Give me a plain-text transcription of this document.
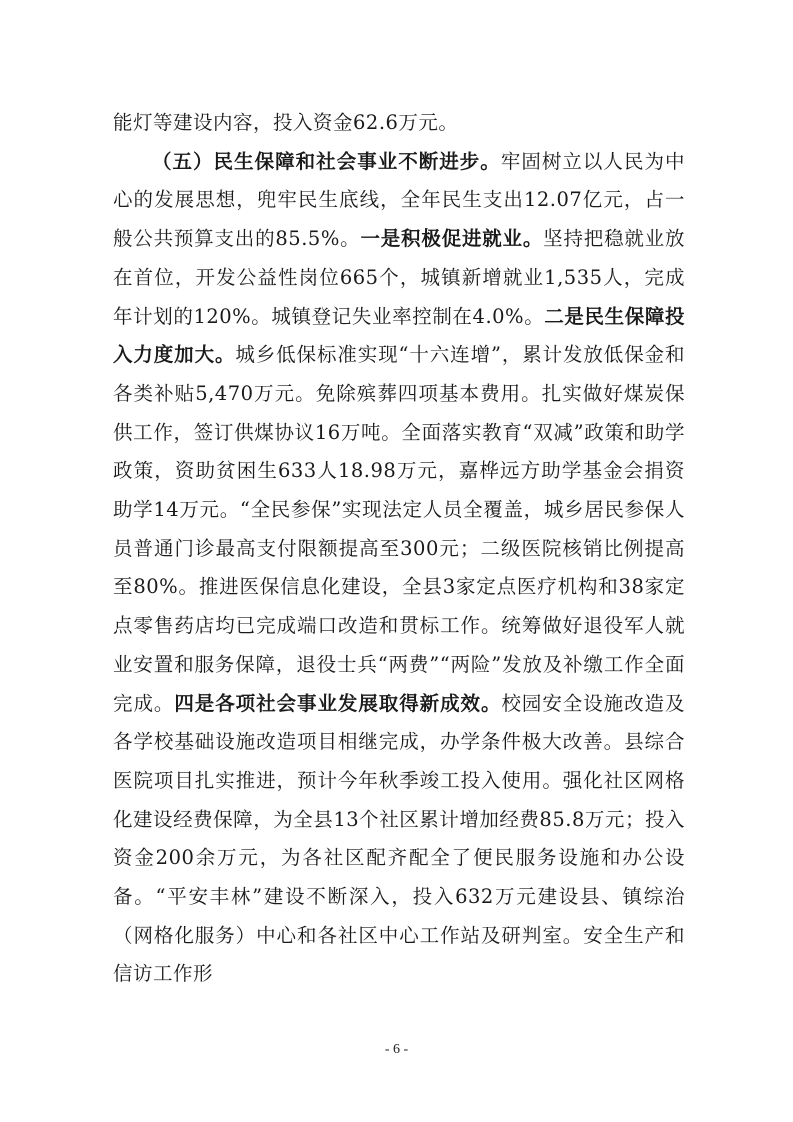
能灯等建设内容，投入资金62.6万元。

（五）民生保障和社会事业不断进步。牢固树立以人民为中心的发展思想，兜牢民生底线，全年民生支出12.07亿元，占一般公共预算支出的85.5%。一是积极促进就业。坚持把稳就业放在首位，开发公益性岗位665个，城镇新增就业1,535人，完成年计划的120%。城镇登记失业率控制在4.0%。二是民生保障投入力度加大。城乡低保标准实现“十六连增”，累计发放低保金和各类补贴5,470万元。免除殡葬四项基本费用。扎实做好煤炭保供工作，签订供煤协议16万吨。全面落实教育“双减”政策和助学政策，资助贫困生633人18.98万元，嘉桦远方助学基金会捐资助学14万元。“全民参保”实现法定人员全覆盖，城乡居民参保人员普通门诊最高支付限额提高至300元；二级医院核销比例提高至80%。推进医保信息化建设，全县3家定点医疗机构和38家定点零售药店均已完成端口改造和贯标工作。统筹做好退役军人就业安置和服务保障，退役士兵“两费”“两险”发放及补缴工作全面完成。四是各项社会事业发展取得新成效。校园安全设施改造及各学校基础设施改造项目相继完成，办学条件极大改善。县综合医院项目扎实推进，预计今年秋季竣工投入使用。强化社区网格化建设经费保障，为全县13个社区累计增加经费85.8万元；投入资金200余万元，为各社区配齐配全了便民服务设施和办公设备。“平安丰林”建设不断深入，投入632万元建设县、镇综治（网格化服务）中心和各社区中心工作站及研判室。安全生产和信访工作形

- 6 -
